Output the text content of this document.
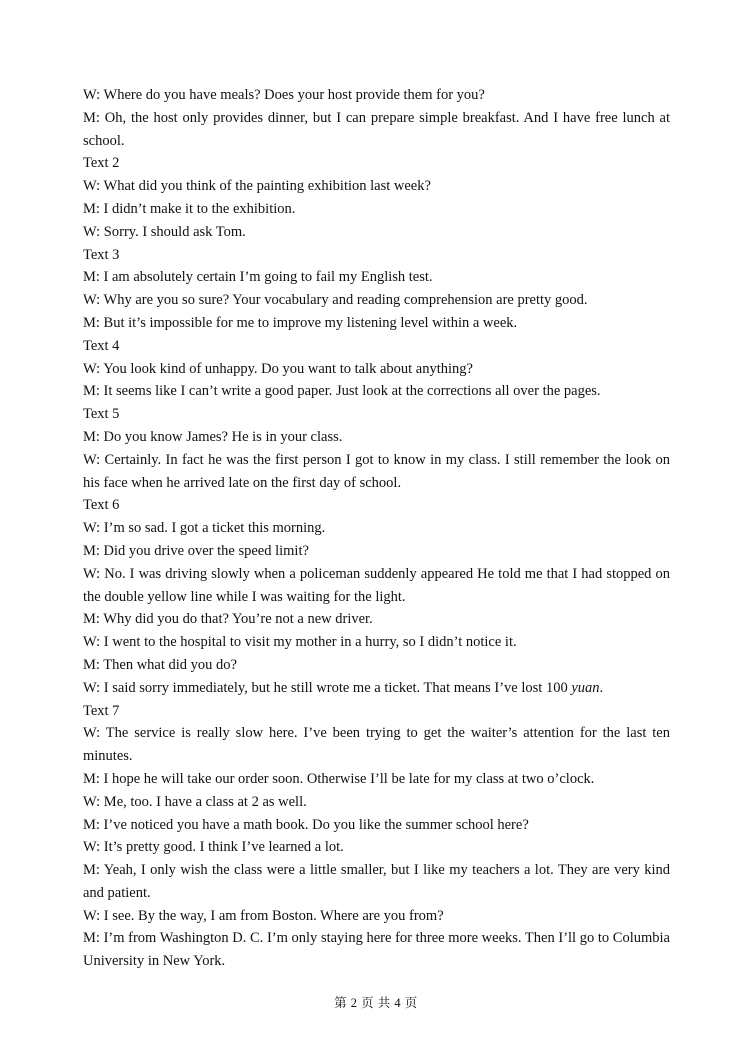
W: Where do you have meals? Does your host provide them for you?

M: Oh, the host only provides dinner, but I can prepare simple breakfast. And I have free lunch at school.

Text 2

W: What did you think of the painting exhibition last week?

M: I didn’t make it to the exhibition.

W: Sorry. I should ask Tom.

Text 3

M: I am absolutely certain I’m going to fail my English test.

W: Why are you so sure? Your vocabulary and reading comprehension are pretty good.

M: But it’s impossible for me to improve my listening level within a week.

Text 4

W: You look kind of unhappy. Do you want to talk about anything?

M: It seems like I can’t write a good paper. Just look at the corrections all over the pages.

Text 5

M: Do you know James? He is in your class.

W: Certainly. In fact he was the first person I got to know in my class. I still remember the look on his face when he arrived late on the first day of school.

Text 6

W: I’m so sad. I got a ticket this morning.

M: Did you drive over the speed limit?

W: No. I was driving slowly when a policeman suddenly appeared He told me that I had stopped on the double yellow line while I was waiting for the light.

M: Why did you do that? You’re not a new driver.

W: I went to the hospital to visit my mother in a hurry, so I didn’t notice it.

M: Then what did you do?

W: I said sorry immediately, but he still wrote me a ticket. That means I’ve lost 100 yuan.

Text 7

W: The service is really slow here. I’ve been trying to get the waiter’s attention for the last ten minutes.

M: I hope he will take our order soon. Otherwise I’ll be late for my class at two o’clock.

W: Me, too. I have a class at 2 as well.

M: I’ve noticed you have a math book. Do you like the summer school here?

W: It’s pretty good. I think I’ve learned a lot.

M: Yeah, I only wish the class were a little smaller, but I like my teachers a lot. They are very kind and patient.

W: I see. By the way, I am from Boston. Where are you from?

M: I’m from Washington D. C. I’m only staying here for three more weeks. Then I’ll go to Columbia University in New York.

第 2 页 共 4 页
